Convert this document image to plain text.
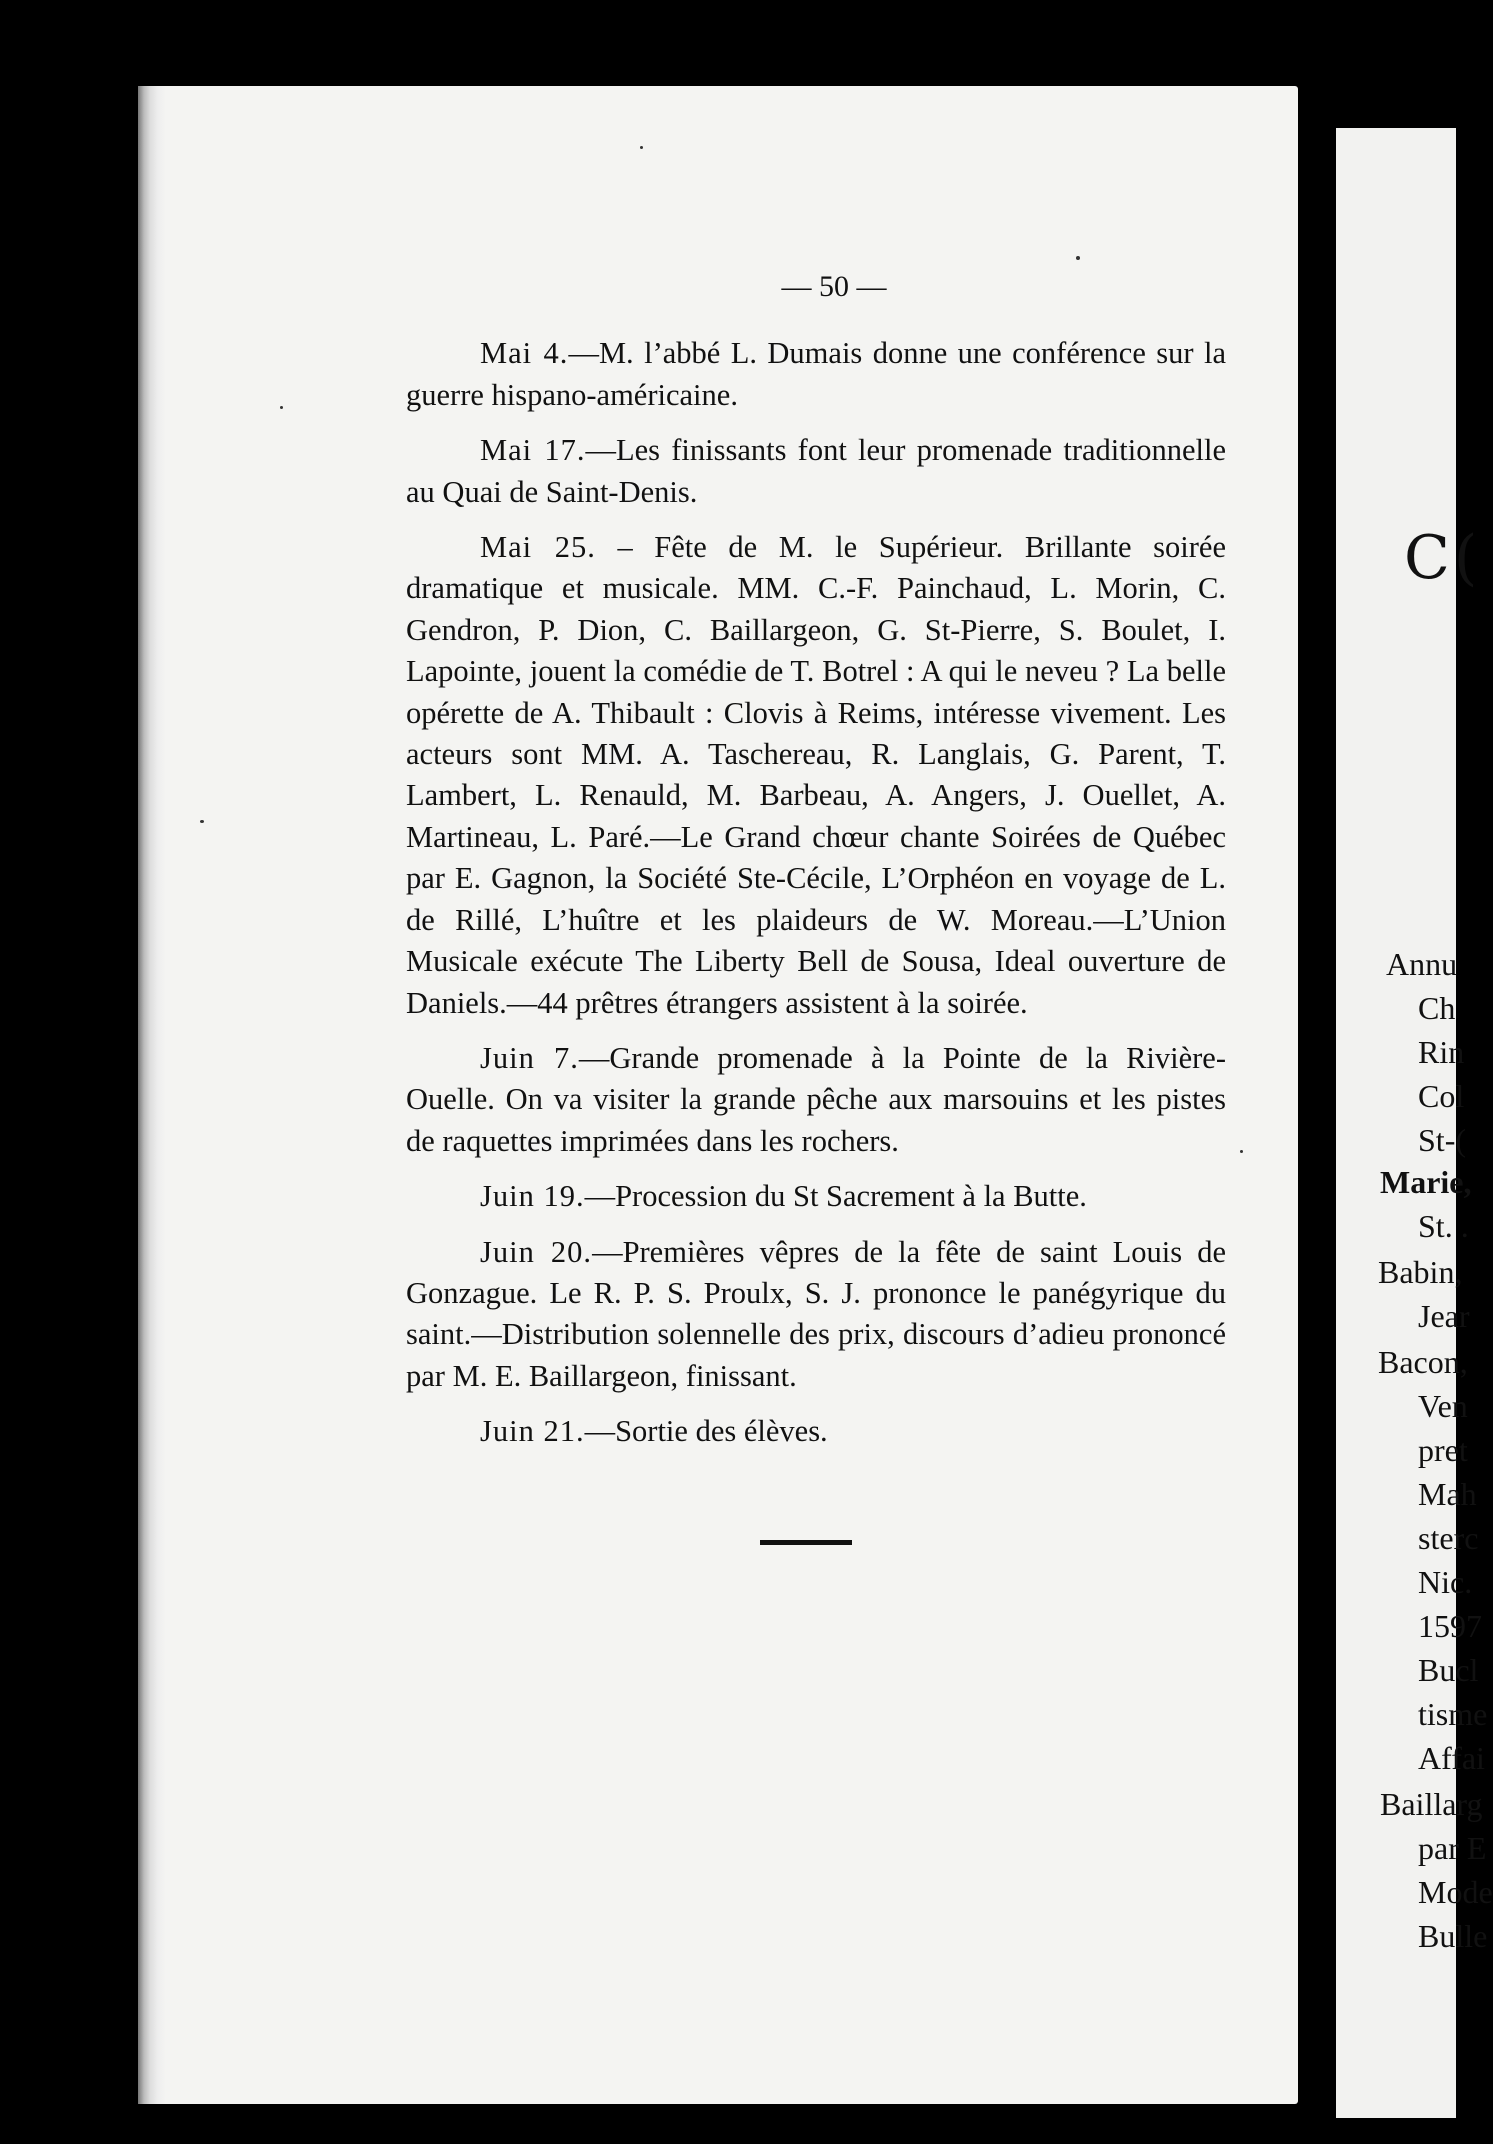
— 50 —

Mai 4.—M. l’abbé L. Dumais donne une conférence sur la guerre hispano-américaine.

Mai 17.—Les finissants font leur promenade traditionnelle au Quai de Saint-Denis.

Mai 25. – Fête de M. le Supérieur. Brillante soirée dramatique et musicale. MM. C.-F. Painchaud, L. Morin, C. Gendron, P. Dion, C. Baillargeon, G. St-Pierre, S. Boulet, I. Lapointe, jouent la comédie de T. Botrel : A qui le neveu ? La belle opérette de A. Thibault : Clovis à Reims, intéresse vivement. Les acteurs sont MM. A. Taschereau, R. Langlais, G. Parent, T. Lambert, L. Renauld, M. Barbeau, A. Angers, J. Ouellet, A. Martineau, L. Paré.—Le Grand chœur chante Soirées de Québec par E. Gagnon, la Société Ste-Cécile, L’Orphéon en voyage de L. de Rillé, L’huître et les plaideurs de W. Moreau.—L’Union Musicale exécute The Liberty Bell de Sousa, Ideal ouverture de Daniels.—44 prêtres étrangers assistent à la soirée.

Juin 7.—Grande promenade à la Pointe de la Rivière-Ouelle. On va visiter la grande pêche aux marsouins et les pistes de raquettes imprimées dans les rochers.

Juin 19.—Procession du St Sacrement à la Butte.

Juin 20.—Premières vêpres de la fête de saint Louis de Gonzague. Le R. P. S. Proulx, S. J. prononce le panégyrique du saint.—Distribution solennelle des prix, discours d’adieu prononcé par M. E. Baillargeon, finissant.

Juin 21.—Sortie des élèves.

C(
Annu
Ch
Rin
Col
St-(
Marie,
St. .
Babin,
Jear
Bacon,
Ven
pret
Mah
sterc
Nic.
1597
Bucl
tisme
Affai
Baillarg
par E
Mode
Bulle
